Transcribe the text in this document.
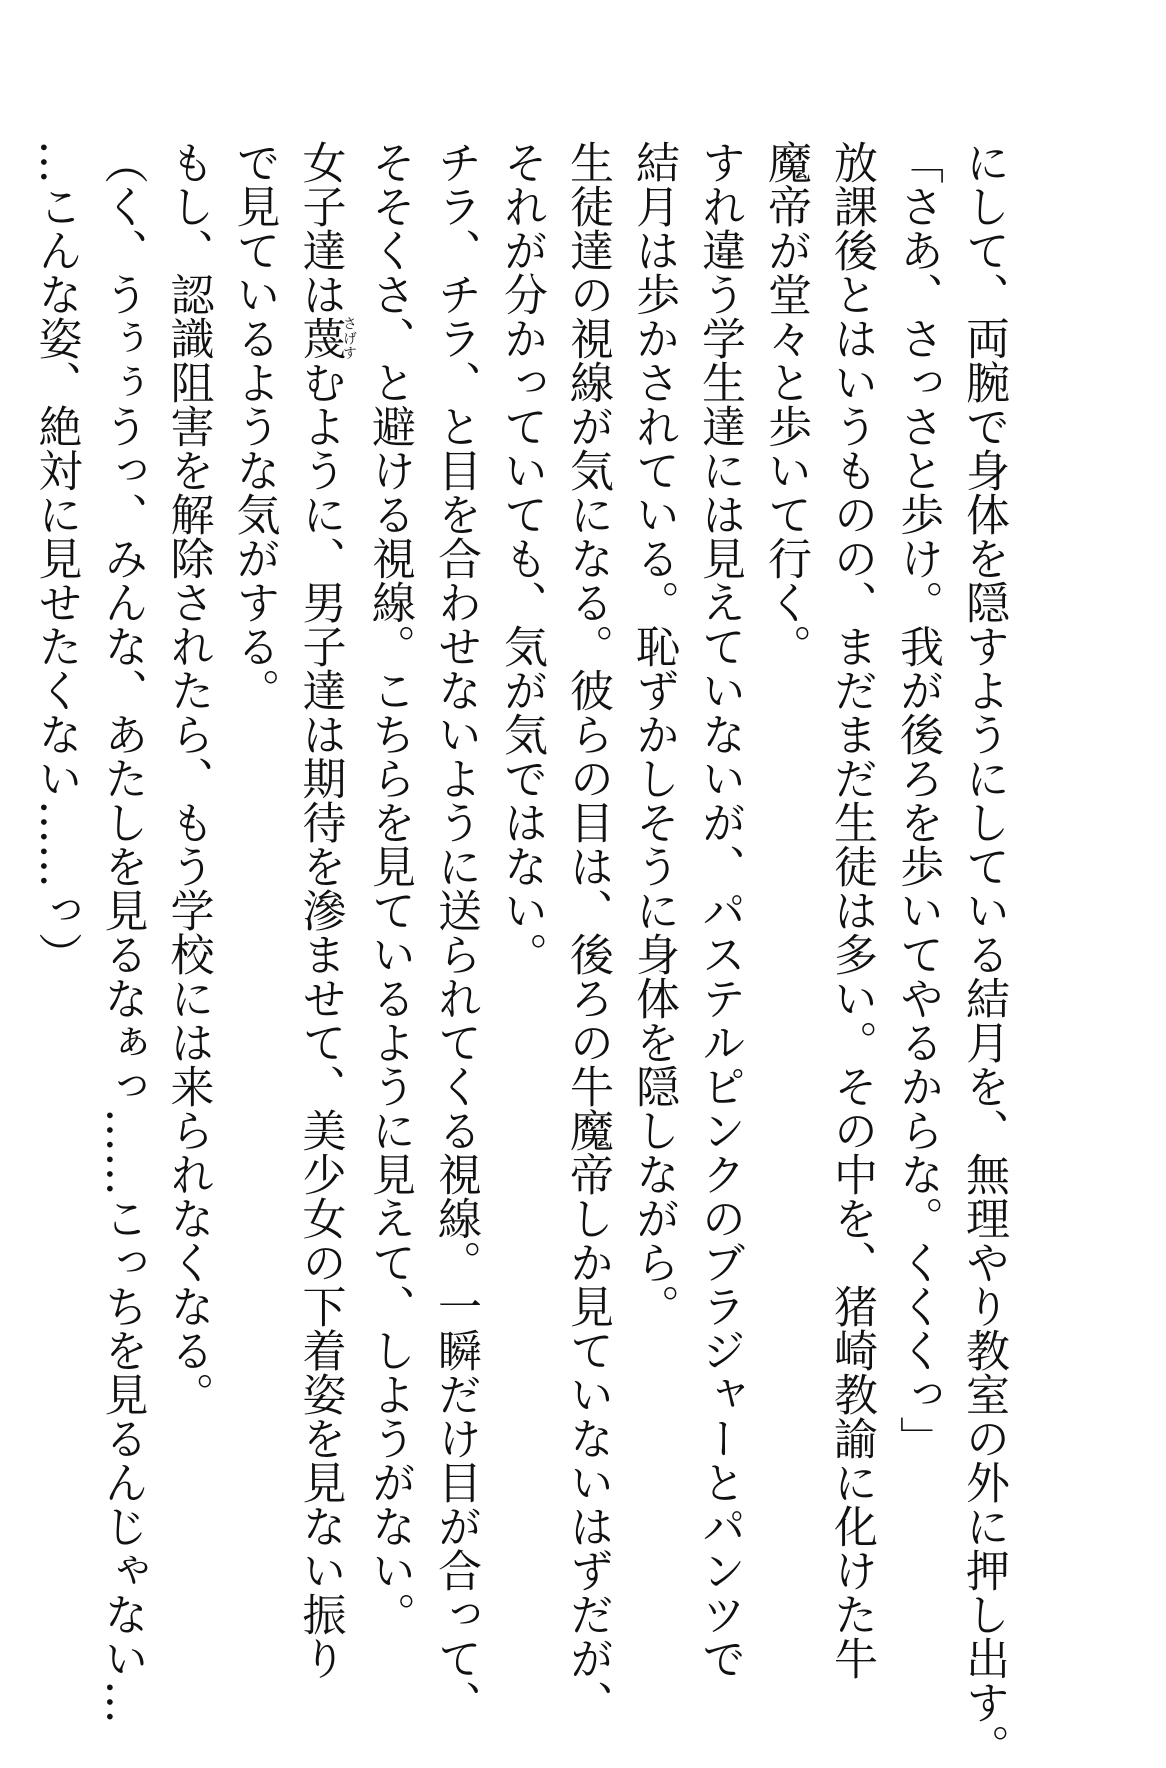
にして、両腕で身体を隠すようにしている結月を、無理やり教室の外に押し出す。
「さあ、さっさと歩け。我が後ろを歩いてやるからな。くくくっ」
放課後とはいうものの、まだまだ生徒は多い。その中を、猪崎教諭に化けた牛
魔帝が堂々と歩いて行く。
すれ違う学生達には見えていないが、パステルピンクのブラジャーとパンツで
結月は歩かされている。恥ずかしそうに身体を隠しながら。
生徒達の視線が気になる。彼らの目は、後ろの牛魔帝しか見ていないはずだが、
それが分かっていても、気が気ではない。
チラ、チラ、と目を合わせないように送られてくる視線。一瞬だけ目が合って、
そそくさ、と避ける視線。こちらを見ているように見えて、しようがない。
女子達は蔑さげすむように、男子達は期待を滲ませて、美少女の下着姿を見ない振り
で見ているような気がする。
もし、認識阻害を解除されたら、もう学校には来られなくなる。
（く、うぅぅうっ、みんな、あたしを見るなぁっ……こっちを見るんじゃない…
…こんな姿、絶対に見せたくない……っ）
